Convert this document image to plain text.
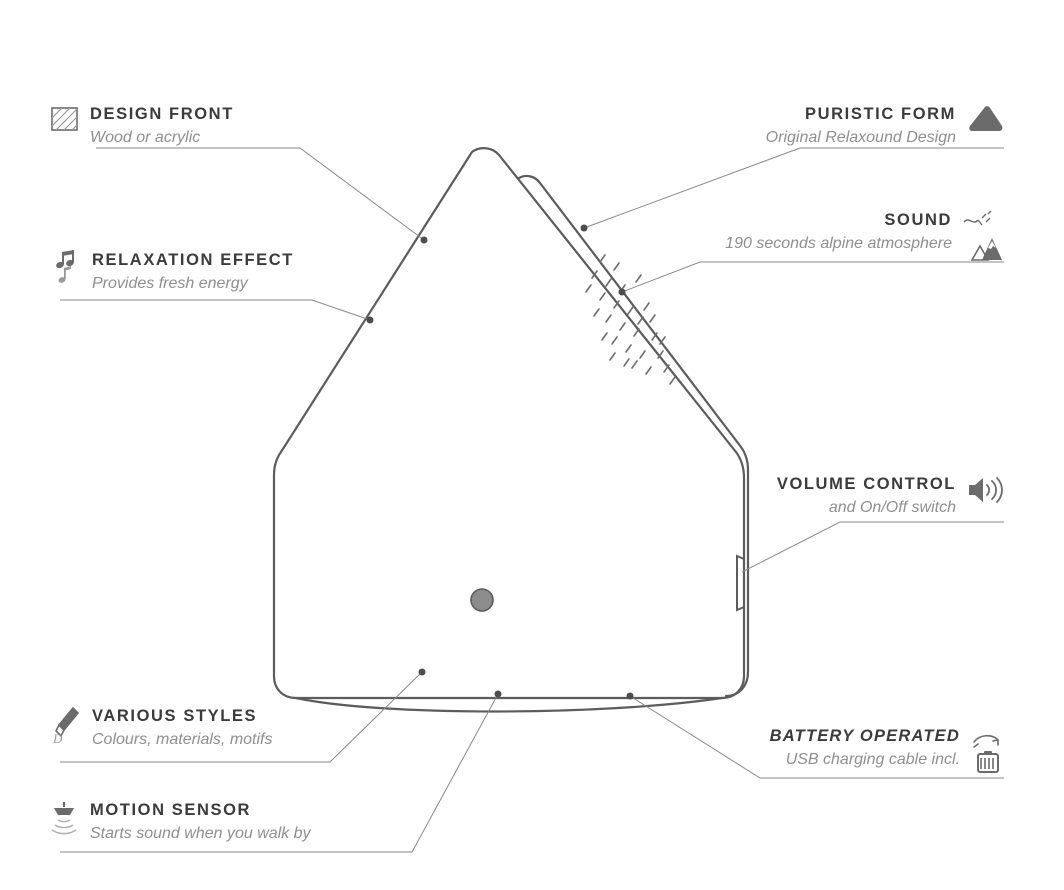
DESIGN FRONT
Wood or acrylic
RELAXATION EFFECT
Provides fresh energy
D
VARIOUS STYLES
Colours, materials, motifs
MOTION SENSOR
Starts sound when you walk by
PURISTIC FORM
Original Relaxound Design
SOUND
190 seconds alpine atmosphere
VOLUME CONTROL
and On/Off switch
BATTERY OPERATED
USB charging cable incl.
